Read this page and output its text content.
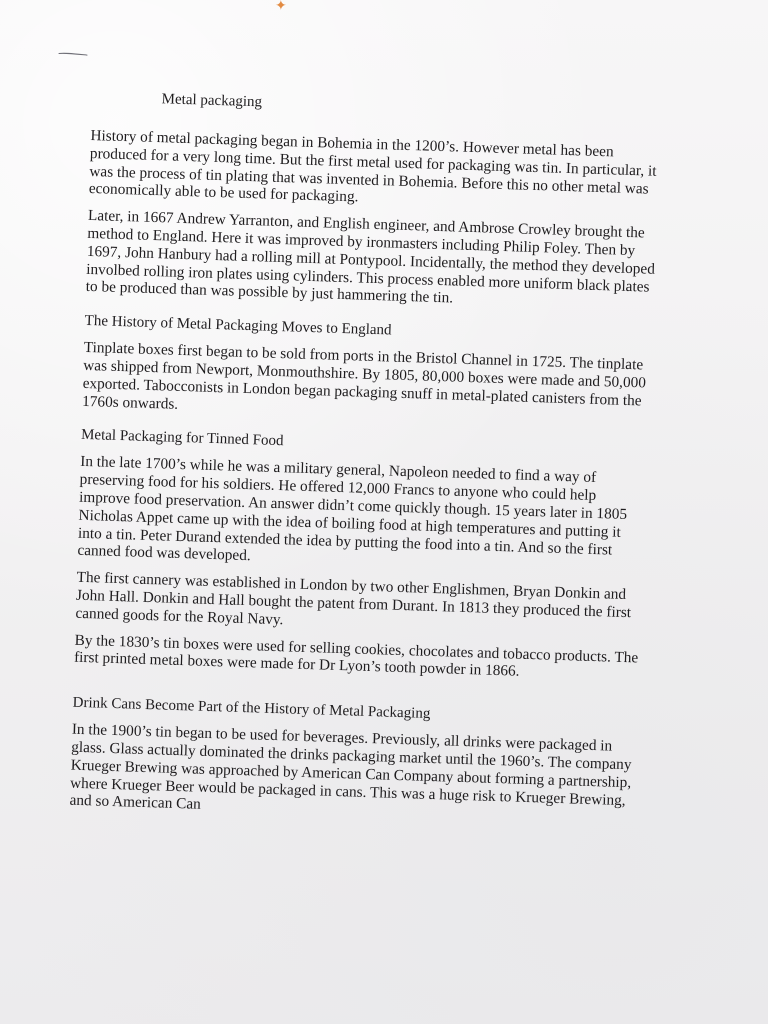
✦
Metal packaging

History of metal packaging began in Bohemia in the 1200’s. However metal has been produced for a very long time. But the first metal used for packaging was tin. In particular, it was the process of tin plating that was invented in Bohemia. Before this no other metal was economically able to be used for packaging.

Later, in 1667 Andrew Yarranton, and English engineer, and Ambrose Crowley brought the method to England. Here it was improved by ironmasters including Philip Foley. Then by 1697, John Hanbury had a rolling mill at Pontypool. Incidentally, the method they developed involbed rolling iron plates using cylinders. This process enabled more uniform black plates to be produced than was possible by just hammering the tin.

The History of Metal Packaging Moves to England

Tinplate boxes first began to be sold from ports in the Bristol Channel in 1725. The tinplate was shipped from Newport, Monmouthshire. By 1805, 80,000 boxes were made and 50,000 exported. Tabocconists in London began packaging snuff in metal-plated canisters from the 1760s onwards.

Metal Packaging for Tinned Food

In the late 1700’s while he was a military general, Napoleon needed to find a way of preserving food for his soldiers. He offered 12,000 Francs to anyone who could help improve food preservation. An answer didn’t come quickly though. 15 years later in 1805 Nicholas Appet came up with the idea of boiling food at high temperatures and putting it into a tin. Peter Durand extended the idea by putting the food into a tin. And so the first canned food was developed.

The first cannery was established in London by two other Englishmen, Bryan Donkin and John Hall. Donkin and Hall bought the patent from Durant. In 1813 they produced the first canned goods for the Royal Navy.

By the 1830’s tin boxes were used for selling cookies, chocolates and tobacco products. The first printed metal boxes were made for Dr Lyon’s tooth powder in 1866.

Drink Cans Become Part of the History of Metal Packaging

In the 1900’s tin began to be used for beverages. Previously, all drinks were packaged in glass. Glass actually dominated the drinks packaging market until the 1960’s. The company Krueger Brewing was approached by American Can Company about forming a partnership, where Krueger Beer would be packaged in cans. This was a huge risk to Krueger Brewing, and so American Can
